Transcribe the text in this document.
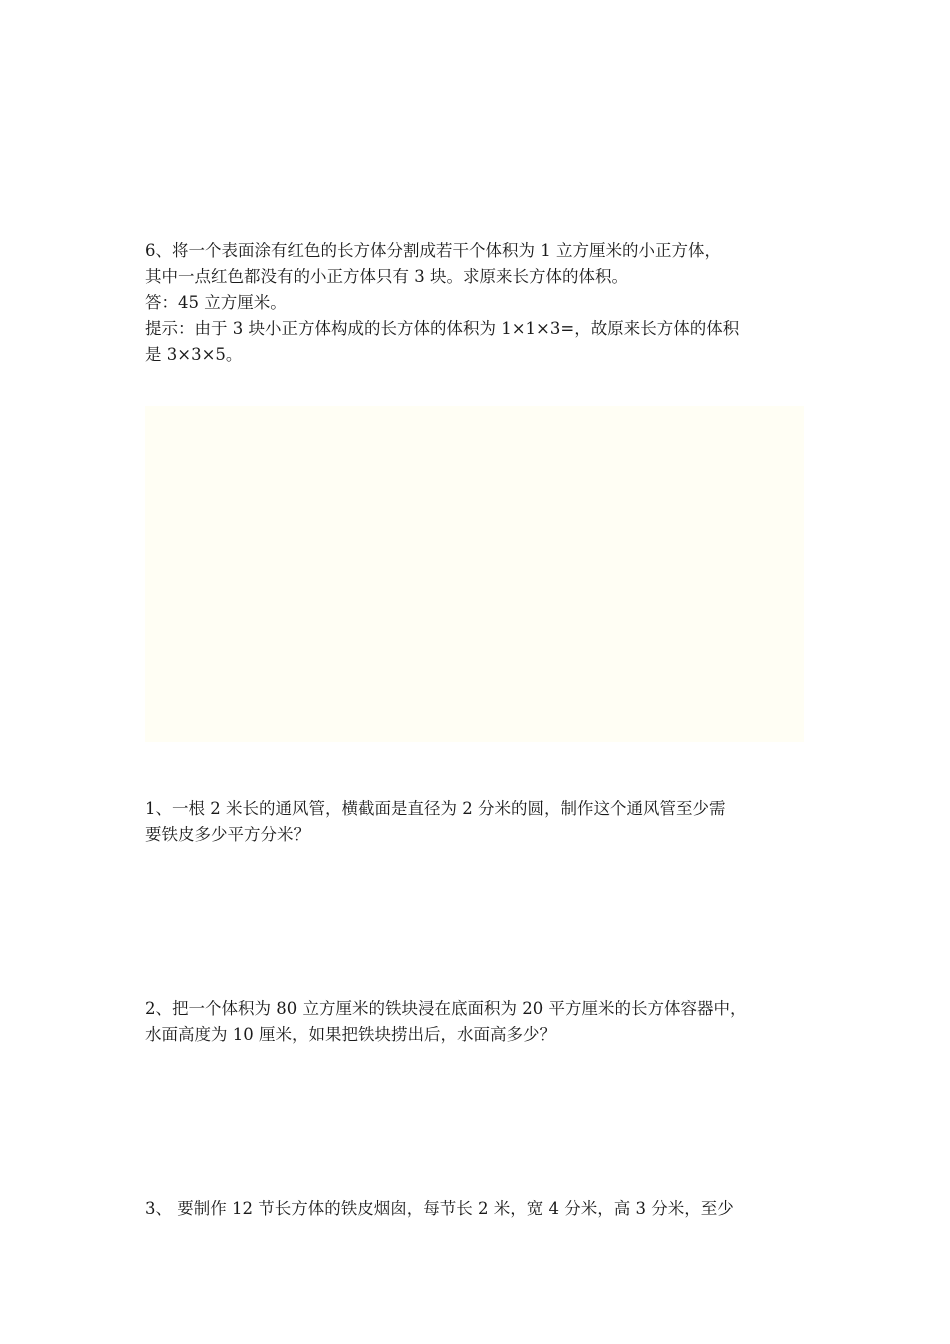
6、将一个表面涂有红色的长方体分割成若干个体积为 1 立方厘米的小正方体，

其中一点红色都没有的小正方体只有 3 块。求原来长方体的体积。

答：45 立方厘米。

提示：由于 3 块小正方体构成的长方体的体积为 1×1×3=，故原来长方体的体积

是 3×3×5。

1、一根 2 米长的通风管，横截面是直径为 2 分米的圆，制作这个通风管至少需

要铁皮多少平方分米？

2、把一个体积为 80 立方厘米的铁块浸在底面积为 20 平方厘米的长方体容器中，

水面高度为 10 厘米，如果把铁块捞出后，水面高多少？

3、 要制作 12 节长方体的铁皮烟囱，每节长 2 米，宽 4 分米，高 3 分米，至少
